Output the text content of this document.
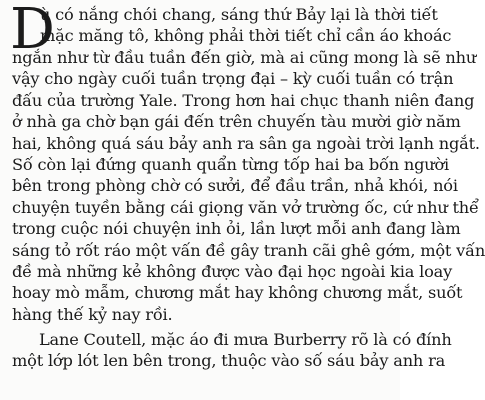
D
ù có nắng chói chang, sáng thứ Bảy lại là thời tiết
mặc măng tô, không phải thời tiết chỉ cần áo khoác
ngắn như từ đầu tuần đến giờ, mà ai cũng mong là sẽ như
vậy cho ngày cuối tuần trọng đại – kỳ cuối tuần có trận
đấu của trường Yale. Trong hơn hai chục thanh niên đang
ở nhà ga chờ bạn gái đến trên chuyến tàu mười giờ năm
hai, không quá sáu bảy anh ra sân ga ngoài trời lạnh ngắt.
Số còn lại đứng quanh quẩn từng tốp hai ba bốn người
bên trong phòng chờ có sưởi, để đầu trần, nhả khói, nói
chuyện tuyền bằng cái giọng văn vở trường ốc, cứ như thể
trong cuộc nói chuyện inh ỏi, lần lượt mỗi anh đang làm
sáng tỏ rốt ráo một vấn đề gây tranh cãi ghê gớm, một vấn
đề mà những kẻ không được vào đại học ngoài kia loay
hoay mò mẫm, chương mắt hay không chương mắt, suốt
hàng thế kỷ nay rồi.
Lane Coutell, mặc áo đi mưa Burberry rõ là có đính
một lớp lót len bên trong, thuộc vào số sáu bảy anh ra
